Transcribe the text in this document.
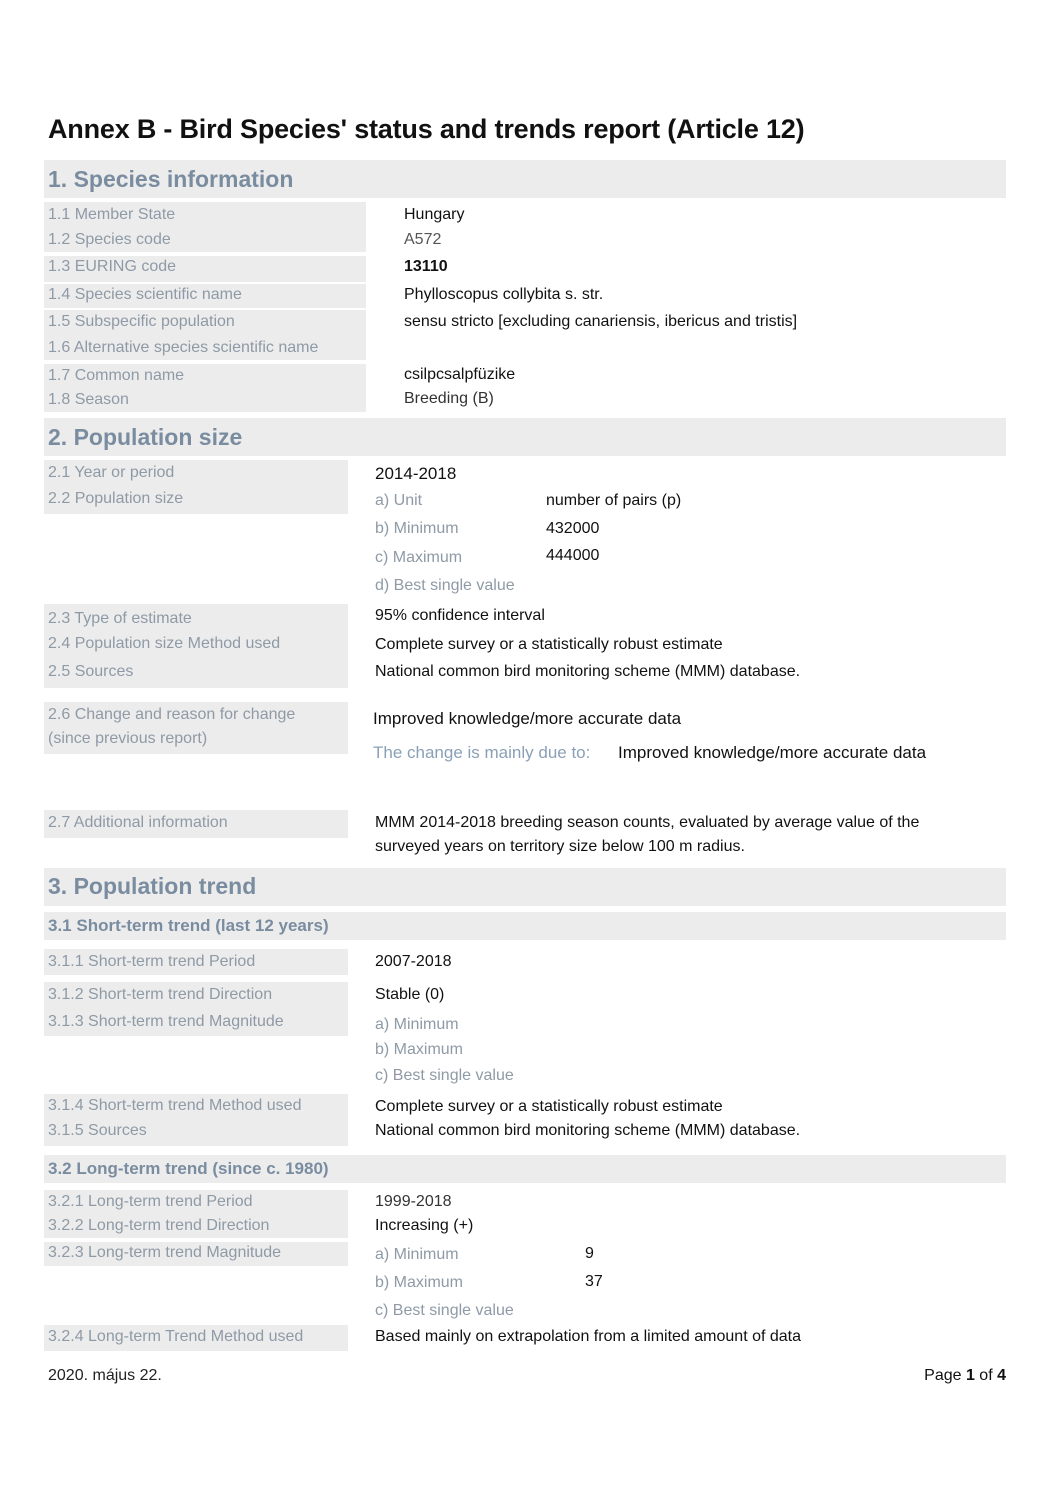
Annex B - Bird Species' status and trends report (Article 12)
1. Species information
1.1 Member State	Hungary
1.2 Species code	A572
1.3 EURING code	13110
1.4 Species scientific name	Phylloscopus collybita s. str.
1.5 Subspecific population	sensu stricto [excluding canariensis, ibericus and tristis]
1.6 Alternative species scientific name
1.7 Common name	csilpcsalpfüzike
1.8 Season	Breeding (B)
2. Population size
2.1 Year or period	2014-2018
2.2 Population size	a) Unit	number of pairs (p)
b) Minimum	432000
c) Maximum	444000
d) Best single value
2.3 Type of estimate	95% confidence interval
2.4 Population size Method used	Complete survey or a statistically robust estimate
2.5 Sources	National common bird monitoring scheme (MMM) database.
2.6 Change and reason for change
(since previous report)
Improved knowledge/more accurate data
The change is mainly due to: Improved knowledge/more accurate data
2.7 Additional information	MMM 2014-2018 breeding season counts, evaluated by average value of the
surveyed years on territory size below 100 m radius.
3. Population trend
3.1 Short-term trend (last 12 years)
3.1.1 Short-term trend Period	2007-2018
3.1.2 Short-term trend Direction	Stable (0)
3.1.3 Short-term trend Magnitude	a) Minimum
b) Maximum
c) Best single value
3.1.4 Short-term trend Method used	Complete survey or a statistically robust estimate
3.1.5 Sources	National common bird monitoring scheme (MMM) database.
3.2 Long-term trend (since c. 1980)
3.2.1 Long-term trend Period	1999-2018
3.2.2 Long-term trend Direction	Increasing (+)
3.2.3 Long-term trend Magnitude	a) Minimum	9
b) Maximum	37
c) Best single value
3.2.4 Long-term Trend Method used	Based mainly on extrapolation from a limited amount of data
2020. május 22.	Page 1 of 4
